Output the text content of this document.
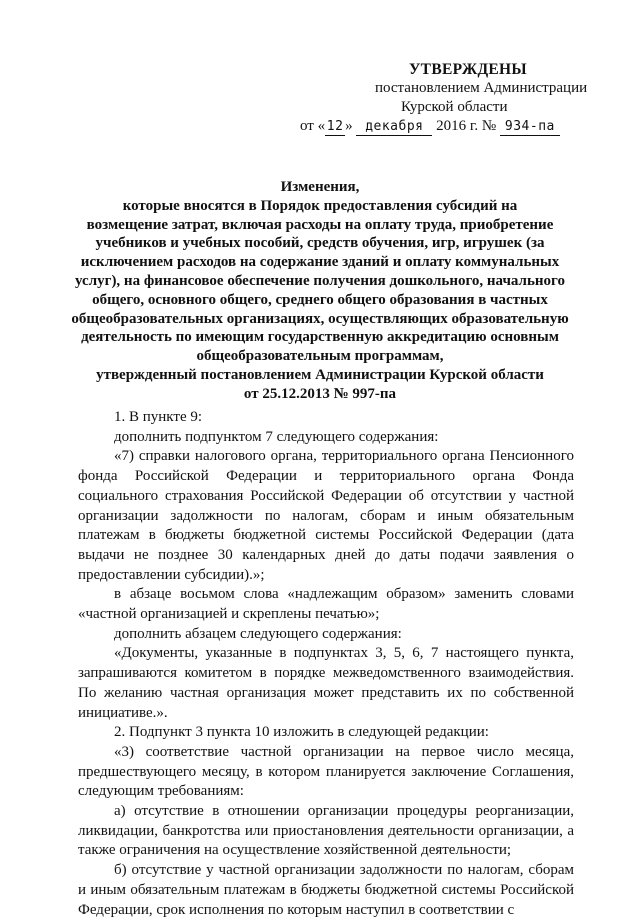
УТВЕРЖДЕНЫ
постановлением Администрации
Курской области
от « 12 » декабря 2016 г. № 934-па
Изменения,
которые вносятся в Порядок предоставления субсидий на
возмещение затрат, включая расходы на оплату труда, приобретение
учебников и учебных пособий, средств обучения, игр, игрушек (за
исключением расходов на содержание зданий и оплату коммунальных
услуг), на финансовое обеспечение получения дошкольного, начального
общего, основного общего, среднего общего образования в частных
общеобразовательных организациях, осуществляющих образовательную
деятельность по имеющим государственную аккредитацию основным
общеобразовательным программам,
утвержденный постановлением Администрации Курской области
от 25.12.2013 № 997-па

1. В пункте 9:

дополнить подпунктом 7 следующего содержания:

«7) справки налогового органа, территориального органа Пенсионного фонда Российской Федерации и территориального органа Фонда социального страхования Российской Федерации об отсутствии у частной организации задолжности по налогам, сборам и иным обязательным платежам в бюджеты бюджетной системы Российской Федерации (дата выдачи не позднее 30 календарных дней до даты подачи заявления о предоставлении субсидии).»;

в абзаце восьмом слова «надлежащим образом» заменить словами «частной организацией и скреплены печатью»;

дополнить абзацем следующего содержания:

«Документы, указанные в подпунктах 3, 5, 6, 7 настоящего пункта, запрашиваются комитетом в порядке межведомственного взаимодействия. По желанию частная организация может представить их по собственной инициативе.».

2. Подпункт 3 пункта 10 изложить в следующей редакции:

«3) соответствие частной организации на первое число месяца, предшествующего месяцу, в котором планируется заключение Соглашения, следующим требованиям:

а) отсутствие в отношении организации процедуры реорганизации, ликвидации, банкротства или приостановления деятельности организации, а также ограничения на осуществление хозяйственной деятельности;

б) отсутствие у частной организации задолжности по налогам, сборам и иным обязательным платежам в бюджеты бюджетной системы Российской Федерации, срок исполнения по которым наступил в соответствии с
